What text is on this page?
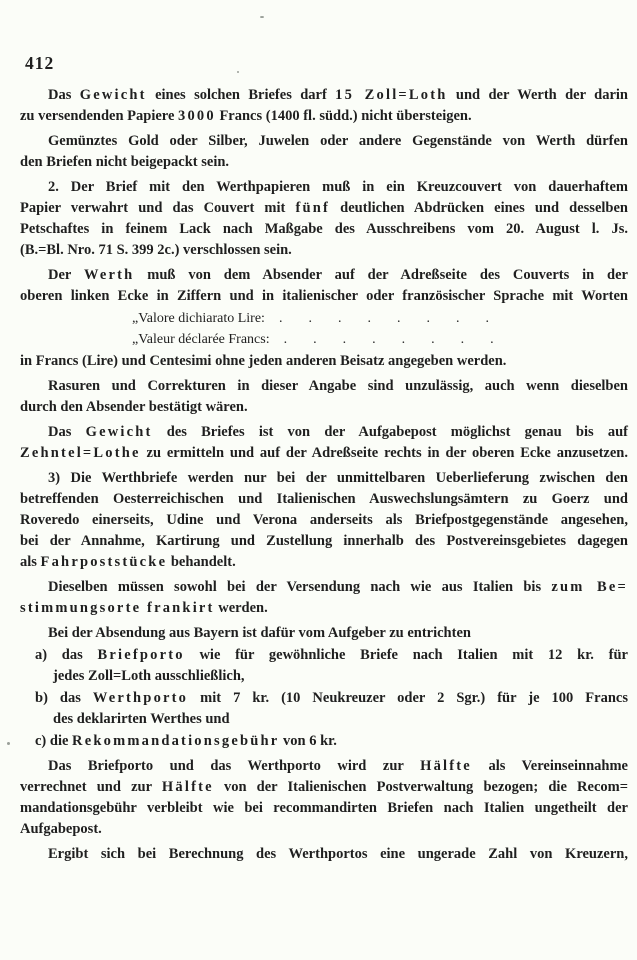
412
Das Gewicht eines solchen Briefes darf 15 Zoll=Loth und der Werth der darin
zu versendenden Papiere 3000 Francs (1400 fl. südd.) nicht übersteigen.
Gemünztes Gold oder Silber, Juwelen oder andere Gegenstände von Werth dürfen
den Briefen nicht beigepackt sein.
2. Der Brief mit den Werthpapieren muß in ein Kreuzcouvert von dauerhaftem
Papier verwahrt und das Couvert mit fünf deutlichen Abdrücken eines und desselben
Petschaftes in feinem Lack nach Maßgabe des Ausschreibens vom 20. August l. Js.
(B.=Bl. Nro. 71 S. 399 2c.) verschlossen sein.
Der Werth muß von dem Absender auf der Adreßseite des Couverts in der
oberen linken Ecke in Ziffern und in italienischer oder französischer Sprache mit Worten
„Valore dichiarato Lire: ........
„Valeur déclarée Francs: ........
in Francs (Lire) und Centesimi ohne jeden anderen Beisatz angegeben werden.
Rasuren und Correkturen in dieser Angabe sind unzulässig, auch wenn dieselben
durch den Absender bestätigt wären.
Das Gewicht des Briefes ist von der Aufgabepost möglichst genau bis auf
Zehntel=Lothe zu ermitteln und auf der Adreßseite rechts in der oberen Ecke anzusetzen.
3) Die Werthbriefe werden nur bei der unmittelbaren Ueberlieferung zwischen den
betreffenden Oesterreichischen und Italienischen Auswechslungsämtern zu Goerz und
Roveredo einerseits, Udine und Verona anderseits als Briefpostgegenstände angesehen,
bei der Annahme, Kartirung und Zustellung innerhalb des Postvereinsgebietes dagegen
als Fahrpoststücke behandelt.
Dieselben müssen sowohl bei der Versendung nach wie aus Italien bis zum Be=
stimmungsorte frankirt werden.
Bei der Absendung aus Bayern ist dafür vom Aufgeber zu entrichten
a) das Briefporto wie für gewöhnliche Briefe nach Italien mit 12 kr. für
jedes Zoll=Loth ausschließlich,
b) das Werthporto mit 7 kr. (10 Neukreuzer oder 2 Sgr.) für je 100 Francs
des deklarirten Werthes und
c) die Rekommandationsgebühr von 6 kr.
Das Briefporto und das Werthporto wird zur Hälfte als Vereinseinnahme
verrechnet und zur Hälfte von der Italienischen Postverwaltung bezogen; die Recom=
mandationsgebühr verbleibt wie bei recommandirten Briefen nach Italien ungetheilt der
Aufgabepost.
Ergibt sich bei Berechnung des Werthportos eine ungerade Zahl von Kreuzern,
